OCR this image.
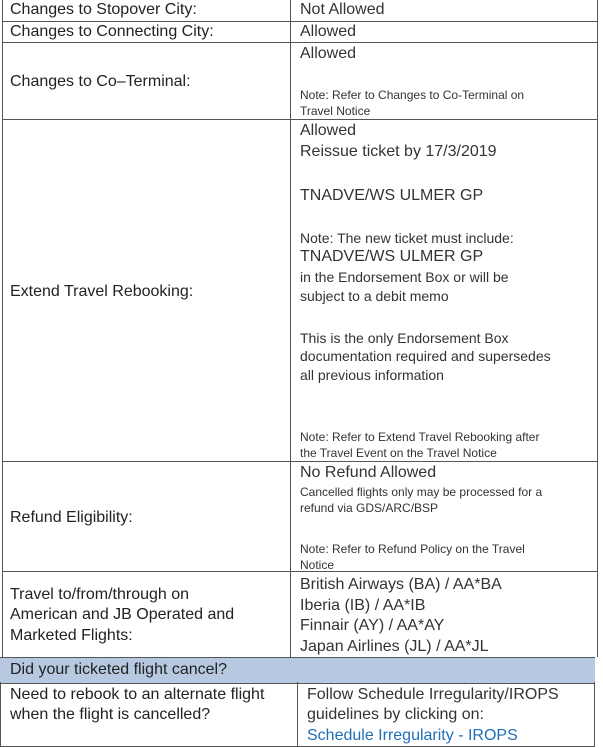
Changes to Stopover City:	Not Allowed
Changes to Connecting City:	Allowed
Changes to Co–Terminal:
Allowed
Note: Refer to Changes to Co-Terminal on
Travel Notice
Extend Travel Rebooking:
Allowed
Reissue ticket by 17/3/2019
TNADVE/WS ULMER GP
Note: The new ticket must include:
TNADVE/WS ULMER GP
in the Endorsement Box or will be
subject to a debit memo
This is the only Endorsement Box
documentation required and supersedes
all previous information
Note: Refer to Extend Travel Rebooking after
the Travel Event on the Travel Notice
Refund Eligibility:
No Refund Allowed
Cancelled flights only may be processed for a
refund via GDS/ARC/BSP
Note: Refer to Refund Policy on the Travel
Notice
Travel to/from/through on
American and JB Operated and
Marketed Flights:
British Airways (BA) / AA*BA
Iberia (IB) / AA*IB
Finnair (AY) / AA*AY
Japan Airlines (JL) / AA*JL
Did your ticketed flight cancel?
Need to rebook to an alternate flight
when the flight is cancelled?
Follow Schedule Irregularity/IROPS
guidelines by clicking on:
Schedule Irregularity - IROPS
